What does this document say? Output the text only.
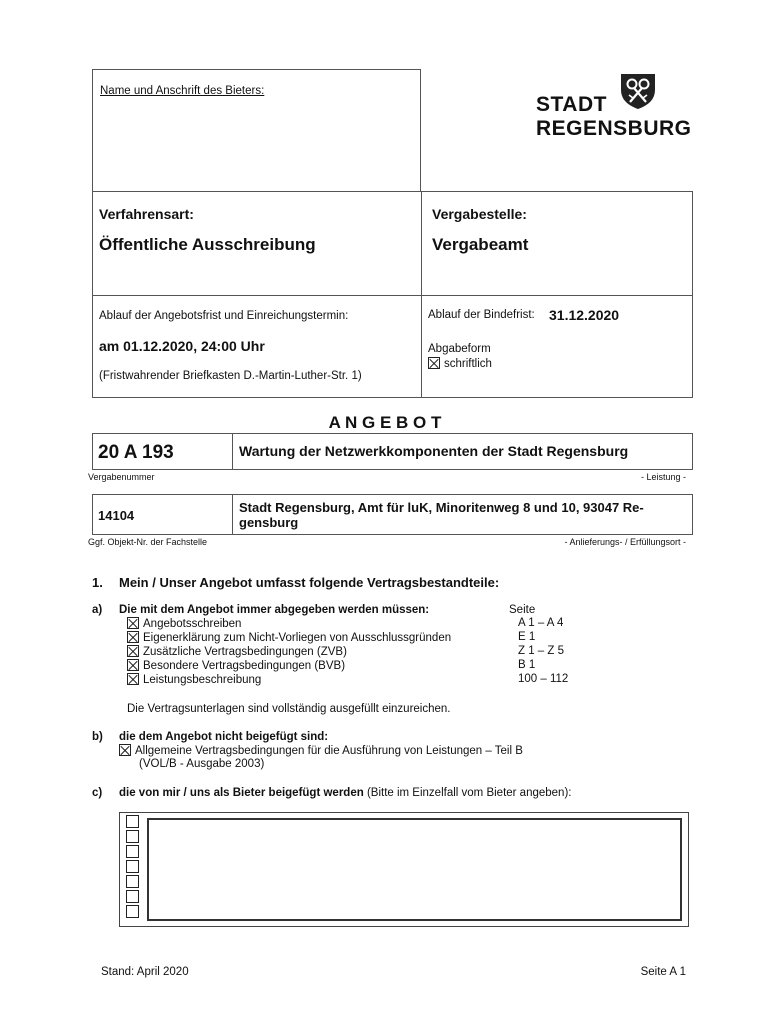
Name und Anschrift des Bieters:
STADT
REGENSBURG
Verfahrensart:
Öffentliche Ausschreibung
Vergabestelle:
Vergabeamt
Ablauf der Angebotsfrist und Einreichungstermin:
am 01.12.2020, 24:00 Uhr
(Fristwahrender Briefkasten D.-Martin-Luther-Str. 1)
Ablauf der Bindefrist: 31.12.2020
Abgabeform
schriftlich
A N G E B O T
20 A 193	Wartung der Netzwerkkomponenten der Stadt Regensburg
Vergabenummer	- Leistung -
14104
Stadt Regensburg, Amt für luK, Minoritenweg 8 und 10, 93047 Re-
gensburg
Ggf. Objekt-Nr. der Fachstelle	- Anlieferungs- / Erfüllungsort -
1. Mein / Unser Angebot umfasst folgende Vertragsbestandteile:
a) Die mit dem Angebot immer abgegeben werden müssen:	Seite
Angebotsschreiben	A 1 – A 4
Eigenerklärung zum Nicht-Vorliegen von Ausschlussgründen	E 1
Zusätzliche Vertragsbedingungen (ZVB)	Z 1 – Z 5
Besondere Vertragsbedingungen (BVB)	B 1
Leistungsbeschreibung	100 – 112
Die Vertragsunterlagen sind vollständig ausgefüllt einzureichen.
b) die dem Angebot nicht beigefügt sind:
Allgemeine Vertragsbedingungen für die Ausführung von Leistungen – Teil B
(VOL/B - Ausgabe 2003)
c) die von mir / uns als Bieter beigefügt werden (Bitte im Einzelfall vom Bieter angeben):
Stand: April 2020	Seite A 1
